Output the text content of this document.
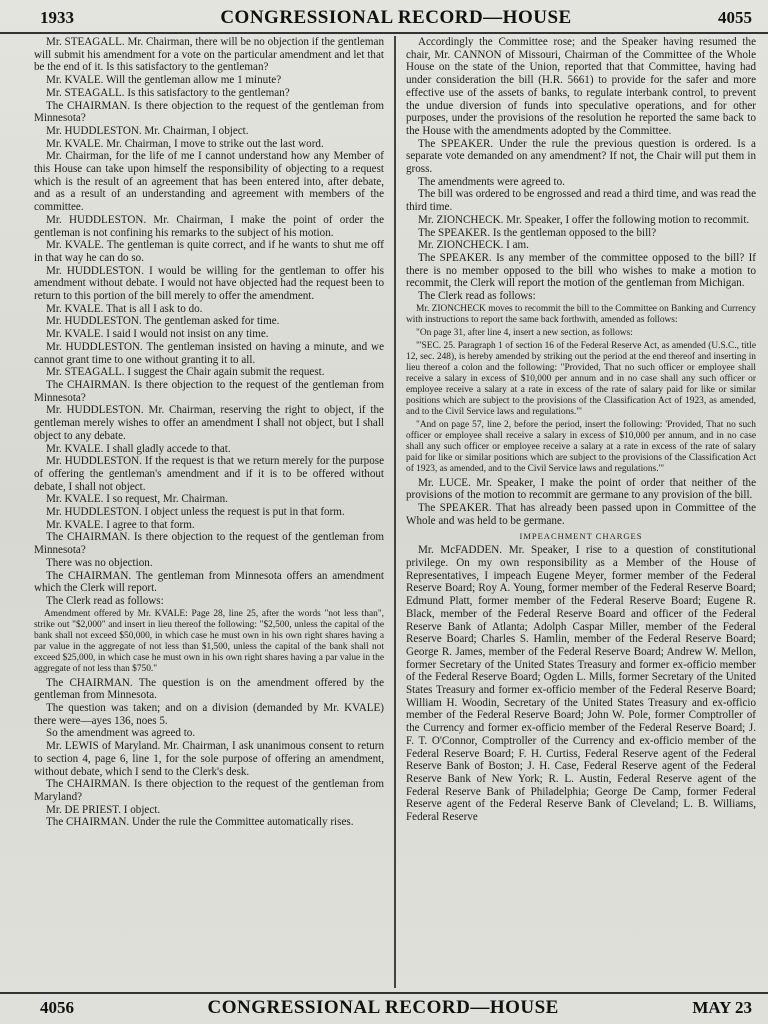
1933	CONGRESSIONAL RECORD—HOUSE	4055

Mr. STEAGALL. Mr. Chairman, there will be no objection if the gentleman will submit his amendment for a vote on the particular amendment and let that be the end of it. Is this satisfactory to the gentleman?

Mr. KVALE. Will the gentleman allow me 1 minute?

Mr. STEAGALL. Is this satisfactory to the gentleman?

The CHAIRMAN. Is there objection to the request of the gentleman from Minnesota?

Mr. HUDDLESTON. Mr. Chairman, I object.

Mr. KVALE. Mr. Chairman, I move to strike out the last word.

Mr. Chairman, for the life of me I cannot understand how any Member of this House can take upon himself the responsibility of objecting to a request which is the result of an agreement that has been entered into, after debate, and as a result of an understanding and agreement with members of the committee.

Mr. HUDDLESTON. Mr. Chairman, I make the point of order the gentleman is not confining his remarks to the subject of his motion.

Mr. KVALE. The gentleman is quite correct, and if he wants to shut me off in that way he can do so.

Mr. HUDDLESTON. I would be willing for the gentleman to offer his amendment without debate. I would not have objected had the request been to return to this portion of the bill merely to offer the amendment.

Mr. KVALE. That is all I ask to do.

Mr. HUDDLESTON. The gentleman asked for time.

Mr. KVALE. I said I would not insist on any time.

Mr. HUDDLESTON. The gentleman insisted on having a minute, and we cannot grant time to one without granting it to all.

Mr. STEAGALL. I suggest the Chair again submit the request.

The CHAIRMAN. Is there objection to the request of the gentleman from Minnesota?

Mr. HUDDLESTON. Mr. Chairman, reserving the right to object, if the gentleman merely wishes to offer an amendment I shall not object, but I shall object to any debate.

Mr. KVALE. I shall gladly accede to that.

Mr. HUDDLESTON. If the request is that we return merely for the purpose of offering the gentleman's amendment and if it is to be offered without debate, I shall not object.

Mr. KVALE. I so request, Mr. Chairman.

Mr. HUDDLESTON. I object unless the request is put in that form.

Mr. KVALE. I agree to that form.

The CHAIRMAN. Is there objection to the request of the gentleman from Minnesota?

There was no objection.

The CHAIRMAN. The gentleman from Minnesota offers an amendment which the Clerk will report.

The Clerk read as follows:

Amendment offered by Mr. KVALE: Page 28, line 25, after the words "not less than", strike out "$2,000" and insert in lieu thereof the following: "$2,500, unless the capital of the bank shall not exceed $50,000, in which case he must own in his own right shares having a par value in the aggregate of not less than $1,500, unless the capital of the bank shall not exceed $25,000, in which case he must own in his own right shares having a par value in the aggregate of not less than $750."

The CHAIRMAN. The question is on the amendment offered by the gentleman from Minnesota.

The question was taken; and on a division (demanded by Mr. KVALE) there were—ayes 136, noes 5.

So the amendment was agreed to.

Mr. LEWIS of Maryland. Mr. Chairman, I ask unanimous consent to return to section 4, page 6, line 1, for the sole purpose of offering an amendment, without debate, which I send to the Clerk's desk.

The CHAIRMAN. Is there objection to the request of the gentleman from Maryland?

Mr. DE PRIEST. I object.

The CHAIRMAN. Under the rule the Committee automatically rises.

Accordingly the Committee rose; and the Speaker having resumed the chair, Mr. CANNON of Missouri, Chairman of the Committee of the Whole House on the state of the Union, reported that that Committee, having had under consideration the bill (H.R. 5661) to provide for the safer and more effective use of the assets of banks, to regulate interbank control, to prevent the undue diversion of funds into speculative operations, and for other purposes, under the provisions of the resolution he reported the same back to the House with the amendments adopted by the Committee.

The SPEAKER. Under the rule the previous question is ordered. Is a separate vote demanded on any amendment? If not, the Chair will put them in gross.

The amendments were agreed to.

The bill was ordered to be engrossed and read a third time, and was read the third time.

Mr. ZIONCHECK. Mr. Speaker, I offer the following motion to recommit.

The SPEAKER. Is the gentleman opposed to the bill?

Mr. ZIONCHECK. I am.

The SPEAKER. Is any member of the committee opposed to the bill? If there is no member opposed to the bill who wishes to make a motion to recommit, the Clerk will report the motion of the gentleman from Michigan.

The Clerk read as follows:

Mr. ZIONCHECK moves to recommit the bill to the Committee on Banking and Currency with instructions to report the same back forthwith, amended as follows:

"On page 31, after line 4, insert a new section, as follows:

"'SEC. 25. Paragraph 1 of section 16 of the Federal Reserve Act, as amended (U.S.C., title 12, sec. 248), is hereby amended by striking out the period at the end thereof and inserting in lieu thereof a colon and the following: "Provided, That no such officer or employee shall receive a salary in excess of $10,000 per annum and in no case shall any such officer or employee receive a salary at a rate in excess of the rate of salary paid for like or similar positions which are subject to the provisions of the Classification Act of 1923, as amended, and to the Civil Service laws and regulations."'

"And on page 57, line 2, before the period, insert the following: 'Provided, That no such officer or employee shall receive a salary in excess of $10,000 per annum, and in no case shall any such officer or employee receive a salary at a rate in excess of the rate of salary paid for like or similar positions which are subject to the provisions of the Classification Act of 1923, as amended, and to the Civil Service laws and regulations.'"

Mr. LUCE. Mr. Speaker, I make the point of order that neither of the provisions of the motion to recommit are germane to any provision of the bill.

The SPEAKER. That has already been passed upon in Committee of the Whole and was held to be germane.

IMPEACHMENT CHARGES

Mr. McFADDEN. Mr. Speaker, I rise to a question of constitutional privilege. On my own responsibility as a Member of the House of Representatives, I impeach Eugene Meyer, former member of the Federal Reserve Board; Roy A. Young, former member of the Federal Reserve Board; Edmund Platt, former member of the Federal Reserve Board; Eugene R. Black, member of the Federal Reserve Board and officer of the Federal Reserve Bank of Atlanta; Adolph Caspar Miller, member of the Federal Reserve Board; Charles S. Hamlin, member of the Federal Reserve Board; George R. James, member of the Federal Reserve Board; Andrew W. Mellon, former Secretary of the United States Treasury and former ex-officio member of the Federal Reserve Board; Ogden L. Mills, former Secretary of the United States Treasury and former ex-officio member of the Federal Reserve Board; William H. Woodin, Secretary of the United States Treasury and ex-officio member of the Federal Reserve Board; John W. Pole, former Comptroller of the Currency and former ex-officio member of the Federal Reserve Board; J. F. T. O'Connor, Comptroller of the Currency and ex-officio member of the Federal Reserve Board; F. H. Curtiss, Federal Reserve agent of the Federal Reserve Bank of Boston; J. H. Case, Federal Reserve agent of the Federal Reserve Bank of New York; R. L. Austin, Federal Reserve agent of the Federal Reserve Bank of Philadelphia; George De Camp, former Federal Reserve agent of the Federal Reserve Bank of Cleveland; L. B. Williams, Federal Reserve

4056	CONGRESSIONAL RECORD—HOUSE	MAY 23
